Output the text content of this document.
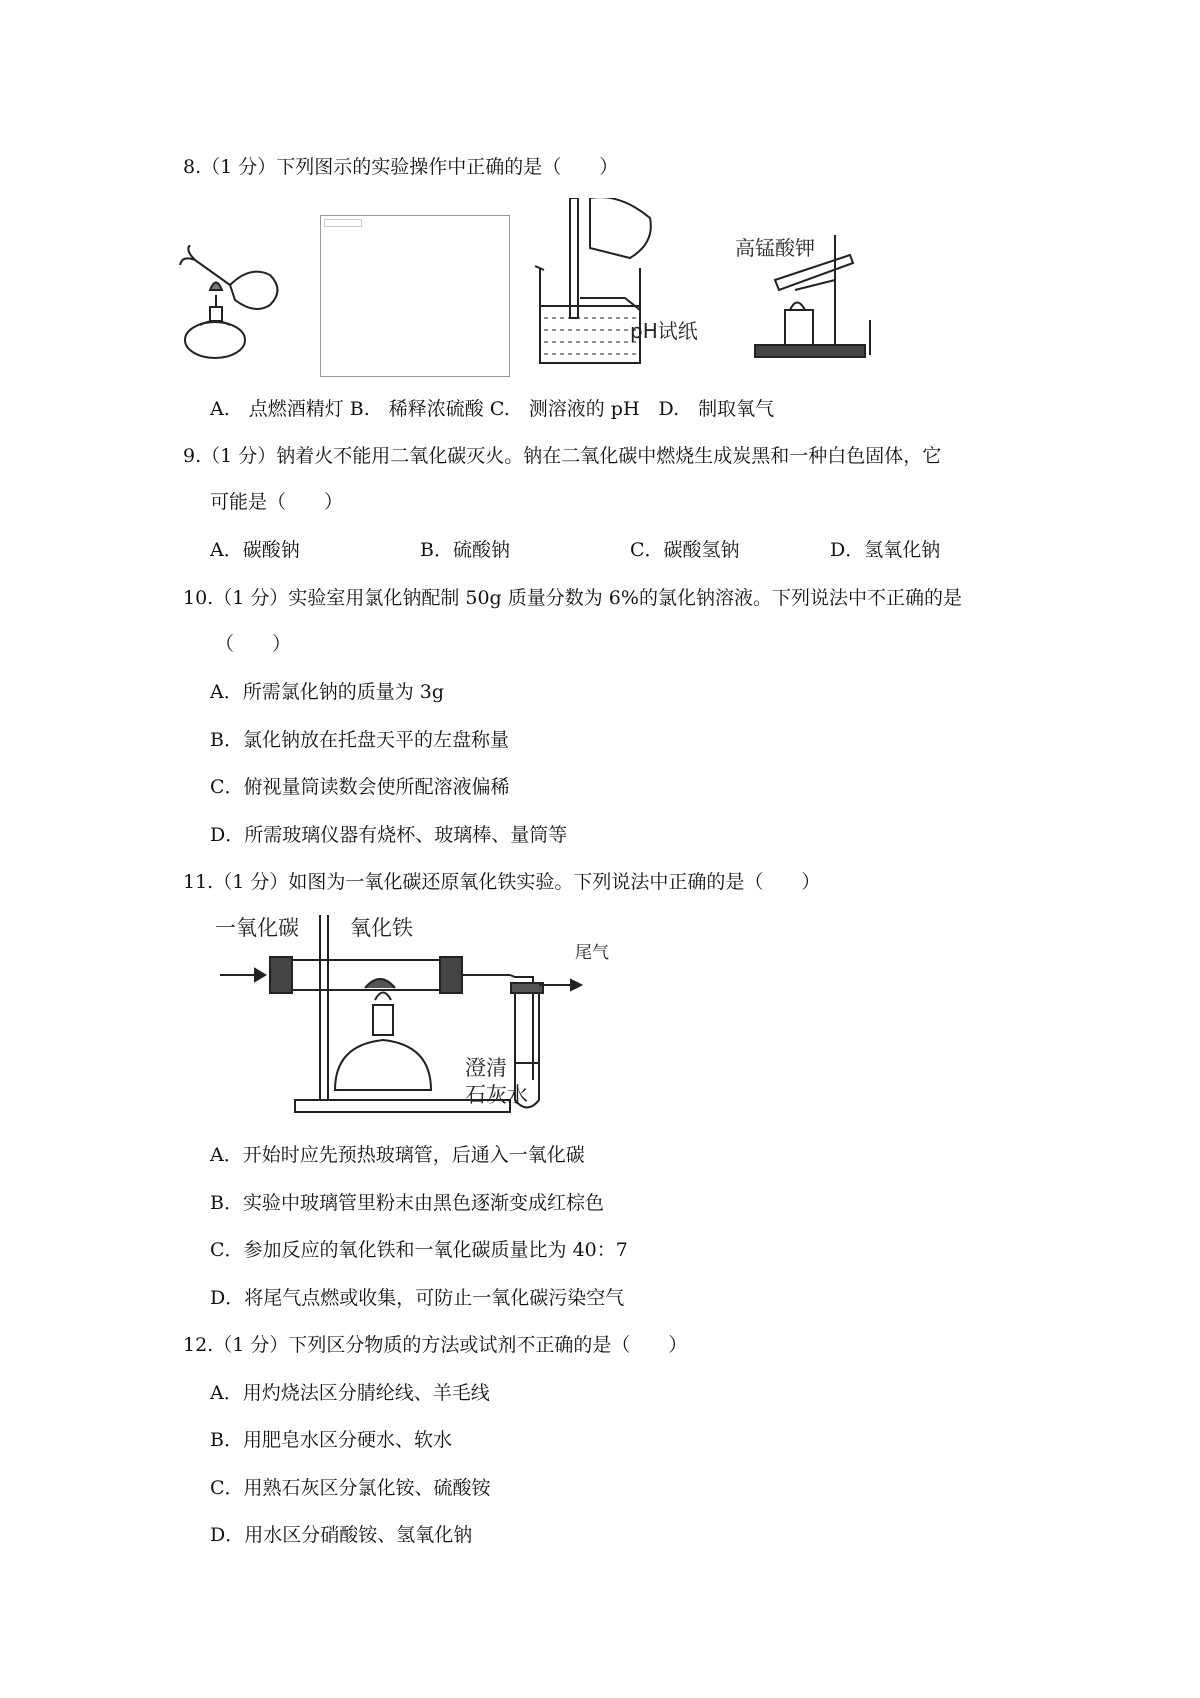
8.（1 分）下列图示的实验操作中正确的是（　　）
pH试纸
高锰酸钾
A.　点燃酒精灯 B.　稀释浓硫酸 C.　测溶液的 pH　D.　制取氧气
9.（1 分）钠着火不能用二氧化碳灭火。钠在二氧化碳中燃烧生成炭黑和一种白色固体，它
可能是（　　）
A．碳酸钠	B．硫酸钠	C．碳酸氢钠	D．氢氧化钠
10.（1 分）实验室用氯化钠配制 50g 质量分数为 6%的氯化钠溶液。下列说法中不正确的是
（　　）
A．所需氯化钠的质量为 3g
B．氯化钠放在托盘天平的左盘称量
C．俯视量筒读数会使所配溶液偏稀
D．所需玻璃仪器有烧杯、玻璃棒、量筒等
11.（1 分）如图为一氧化碳还原氧化铁实验。下列说法中正确的是（　　）
一氧化碳 氧化铁
尾气
澄清
石灰水
A．开始时应先预热玻璃管，后通入一氧化碳
B．实验中玻璃管里粉末由黑色逐渐变成红棕色
C．参加反应的氧化铁和一氧化碳质量比为 40：7
D．将尾气点燃或收集，可防止一氧化碳污染空气
12.（1 分）下列区分物质的方法或试剂不正确的是（　　）
A．用灼烧法区分腈纶线、羊毛线
B．用肥皂水区分硬水、软水
C．用熟石灰区分氯化铵、硫酸铵
D．用水区分硝酸铵、氢氧化钠
